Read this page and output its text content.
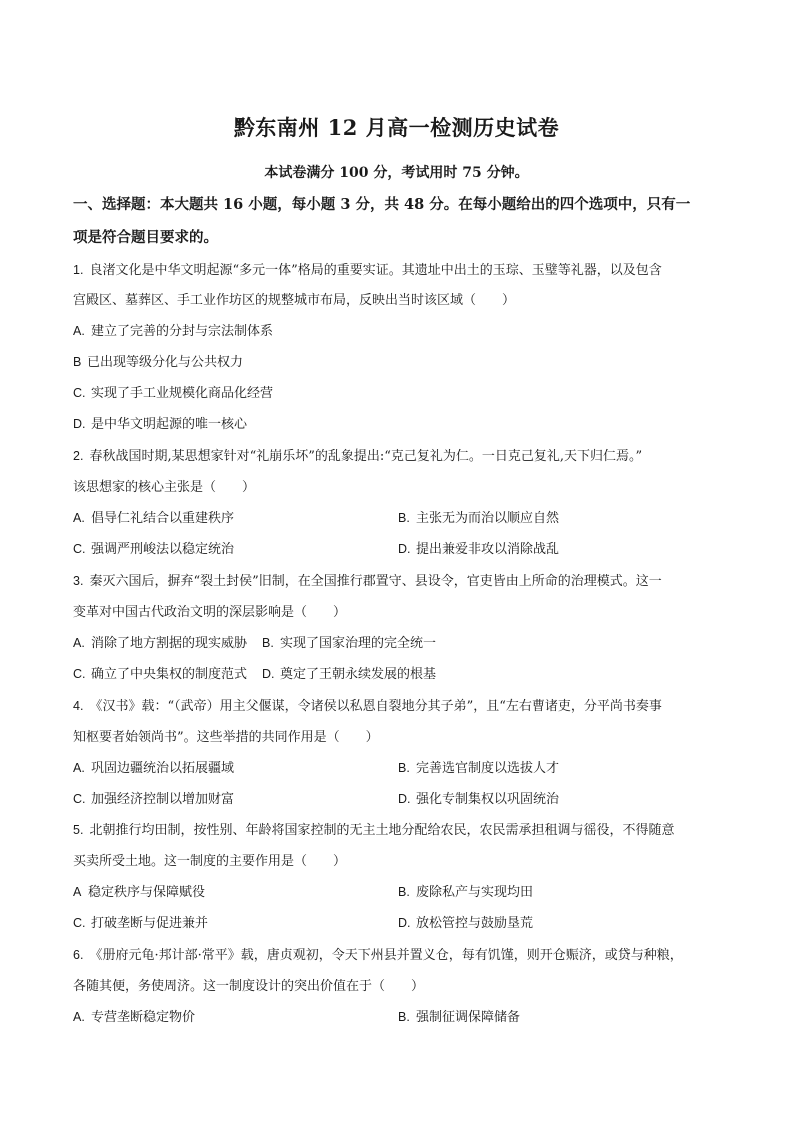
黔东南州 12 月高一检测历史试卷
本试卷满分 100 分，考试用时 75 分钟。
一、选择题：本大题共 16 小题，每小题 3 分，共 48 分。在每小题给出的四个选项中，只有一
项是符合题目要求的。
1. 良渚文化是中华文明起源“多元一体”格局的重要实证。其遗址中出土的玉琮、玉璧等礼器，以及包含
宫殿区、墓葬区、手工业作坊区的规整城市布局，反映出当时该区域（　　）
A. 建立了完善的分封与宗法制体系
B 已出现等级分化与公共权力
C. 实现了手工业规模化商品化经营
D. 是中华文明起源的唯一核心
2. 春秋战国时期,某思想家针对“礼崩乐坏”的乱象提出:“克己复礼为仁。一日克己复礼,天下归仁焉。”
该思想家的核心主张是（　　）
A. 倡导仁礼结合以重建秩序	B. 主张无为而治以顺应自然
C. 强调严刑峻法以稳定统治	D. 提出兼爱非攻以消除战乱
3. 秦灭六国后，摒弃“裂土封侯”旧制，在全国推行郡置守、县设令，官吏皆由上所命的治理模式。这一
变革对中国古代政治文明的深层影响是（　　）
A. 消除了地方割据的现实威胁 B. 实现了国家治理的完全统一
C. 确立了中央集权的制度范式 D. 奠定了王朝永续发展的根基
4. 《汉书》载：“（武帝）用主父偃谋，令诸侯以私恩自裂地分其子弟”，且“左右曹诸吏，分平尚书奏事
知枢要者始领尚书”。这些举措的共同作用是（　　）
A. 巩固边疆统治以拓展疆域	B. 完善选官制度以选拔人才
C. 加强经济控制以增加财富	D. 强化专制集权以巩固统治
5. 北朝推行均田制，按性别、年龄将国家控制的无主土地分配给农民，农民需承担租调与徭役，不得随意
买卖所受土地。这一制度的主要作用是（　　）
A 稳定秩序与保障赋役	B. 废除私产与实现均田
C. 打破垄断与促进兼并	D. 放松管控与鼓励垦荒
6. 《册府元龟·邦计部·常平》载，唐贞观初，令天下州县并置义仓，每有饥馑，则开仓赈济，或贷与种粮，
各随其便，务使周济。这一制度设计的突出价值在于（　　）
A. 专营垄断稳定物价	B. 强制征调保障储备
